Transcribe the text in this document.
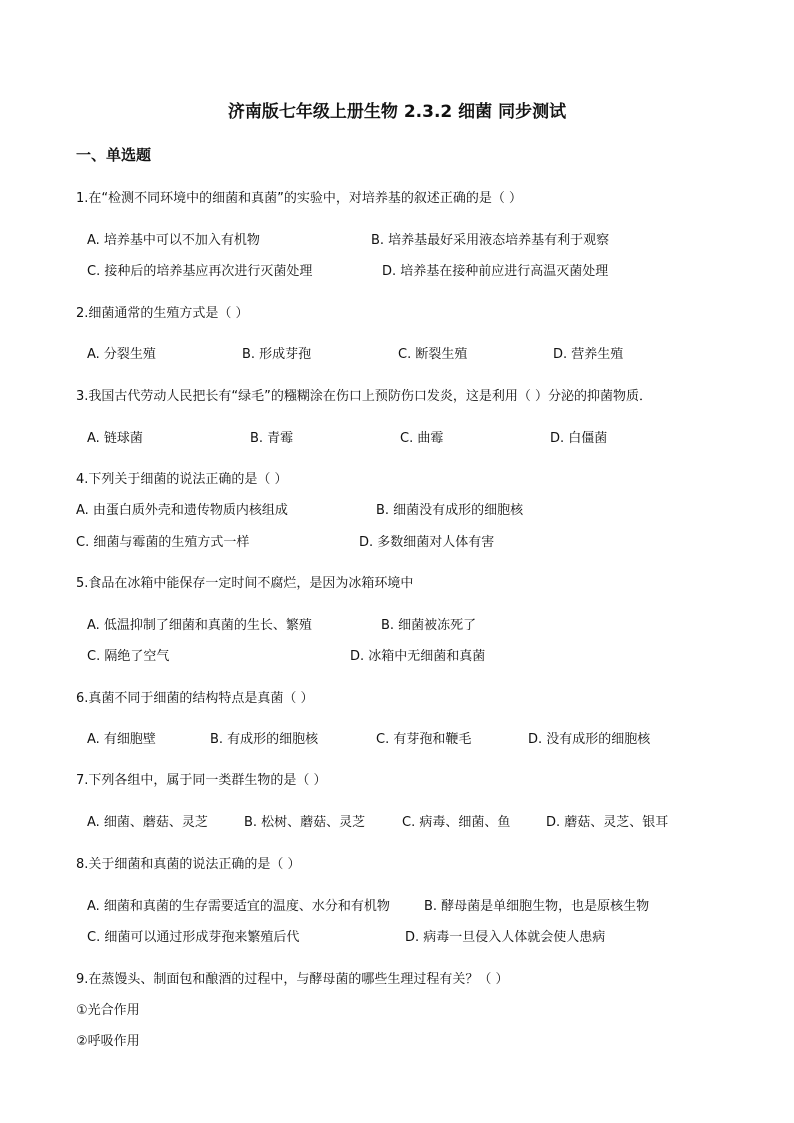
济南版七年级上册生物 2.3.2 细菌 同步测试
一、单选题
1.在“检测不同环境中的细菌和真菌”的实验中，对培养基的叙述正确的是（ ）
A. 培养基中可以不加入有机物	B. 培养基最好采用液态培养基有利于观察
C. 接种后的培养基应再次进行灭菌处理	D. 培养基在接种前应进行高温灭菌处理
2.细菌通常的生殖方式是（ ）
A. 分裂生殖	B. 形成芽孢	C. 断裂生殖	D. 营养生殖
3.我国古代劳动人民把长有“绿毛”的糨糊涂在伤口上预防伤口发炎，这是利用（ ）分泌的抑菌物质．
A. 链球菌	B. 青霉	C. 曲霉	D. 白僵菌
4.下列关于细菌的说法正确的是（ ）
A. 由蛋白质外壳和遗传物质内核组成	B. 细菌没有成形的细胞核
C. 细菌与霉菌的生殖方式一样	D. 多数细菌对人体有害
5.食品在冰箱中能保存一定时间不腐烂，是因为冰箱环境中
A. 低温抑制了细菌和真菌的生长、繁殖	B. 细菌被冻死了
C. 隔绝了空气	D. 冰箱中无细菌和真菌
6.真菌不同于细菌的结构特点是真菌（ ）
A. 有细胞壁	B. 有成形的细胞核	C. 有芽孢和鞭毛	D. 没有成形的细胞核
7.下列各组中，属于同一类群生物的是（ ）
A. 细菌、蘑菇、灵芝	B. 松树、蘑菇、灵芝	C. 病毒、细菌、鱼	D. 蘑菇、灵芝、银耳
8.关于细菌和真菌的说法正确的是（ ）
A. 细菌和真菌的生存需要适宜的温度、水分和有机物	B. 酵母菌是单细胞生物，也是原核生物
C. 细菌可以通过形成芽孢来繁殖后代	D. 病毒一旦侵入人体就会使人患病
9.在蒸馒头、制面包和酿酒的过程中，与酵母菌的哪些生理过程有关？（ ）
①光合作用
②呼吸作用
